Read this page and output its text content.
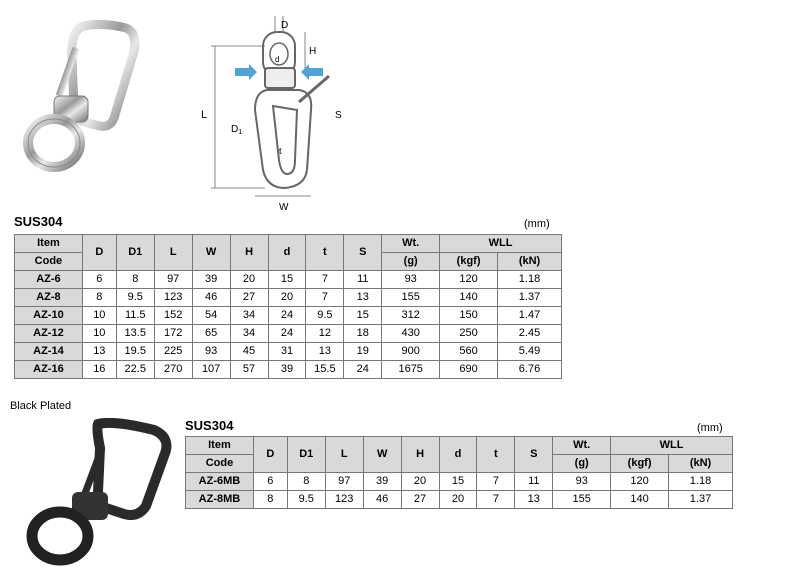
D
H
d
L	S
$D_1$
t
W
SUS304	(mm)
Item	D	D1	L	W	H	d	t	S	Wt.	WLL	
Code									(g)	(kgf)	(kN)
AZ-6	6	8	97	39	20	15	7	11	93	120	1.18
AZ-8	8	9.5	123	46	27	20	7	13	155	140	1.37
AZ-10	10	11.5	152	54	34	24	9.5	15	312	150	1.47
AZ-12	10	13.5	172	65	34	24	12	18	430	250	2.45
AZ-14	13	19.5	225	93	45	31	13	19	900	560	5.49
AZ-16	16	22.5	270	107	57	39	15.5	24	1675	690	6.76
Black Plated
SUS304	(mm)
Item	D	D1	L	W	H	d	t	S	Wt.	WLL	
Code									(g)	(kgf)	(kN)
AZ-6MB	6	8	97	39	20	15	7	11	93	120	1.18
AZ-8MB	8	9.5	123	46	27	20	7	13	155	140	1.37
